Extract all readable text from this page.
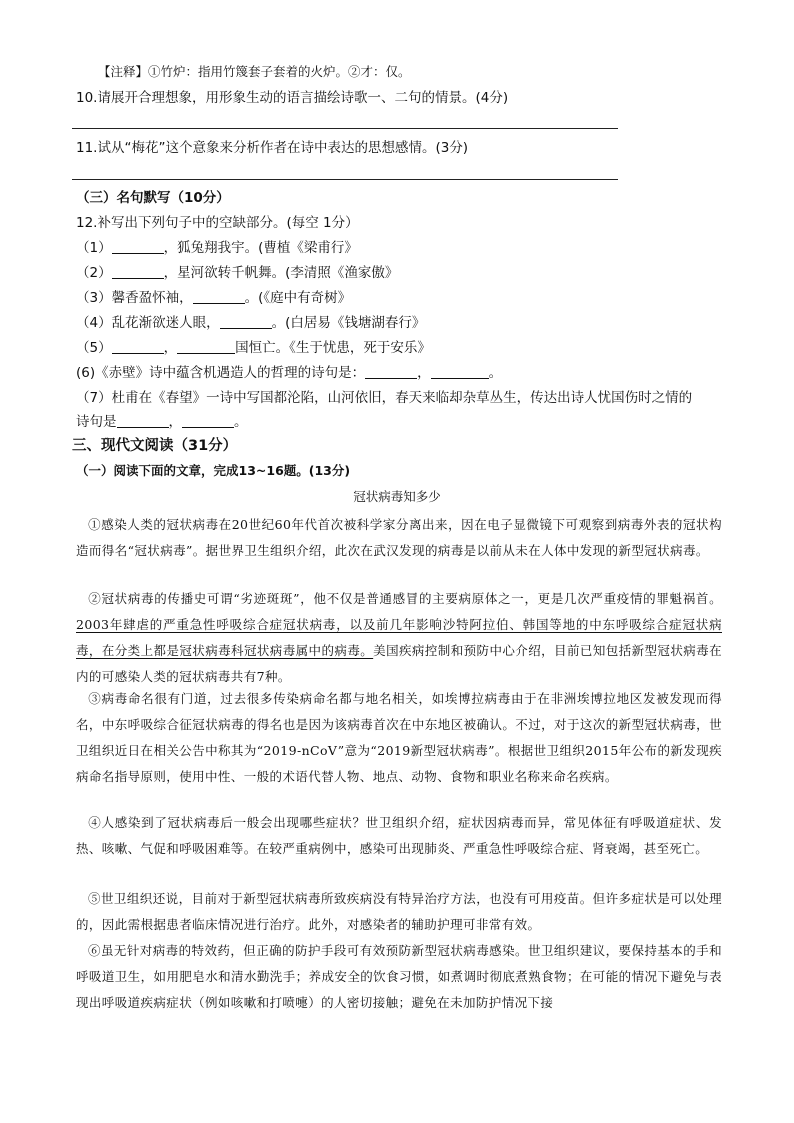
【注释】①竹炉：指用竹篾套子套着的火炉。②才：仅。
10.请展开合理想象，用形象生动的语言描绘诗歌一、二句的情景。(4分)
11.试从“梅花”这个意象来分析作者在诗中表达的思想感情。(3分)
（三）名句默写（10分）
12.补写出下列句子中的空缺部分。(每空 1分）
（1）	，狐兔翔我宇。(曹植《梁甫行》
（2）	，星河欲转千帆舞。(李清照《渔家傲》
（3）馨香盈怀袖，	。(《庭中有奇树》
（4）乱花渐欲迷人眼，	。(白居易《钱塘湖春行》
（5）	，	国恒亡。《生于忧患，死于安乐》
(6)《赤壁》诗中蕴含机遇造人的哲理的诗句是：	，	。
（7）杜甫在《春望》一诗中写国都沦陷，山河依旧，春天来临却杂草丛生，传达出诗人忧国伤时之情的
诗句是	，	。
三、现代文阅读（31分）
（一）阅读下面的文章，完成13~16题。(13分)
冠状病毒知多少
①感染人类的冠状病毒在20世纪60年代首次被科学家分离出来，因在电子显微镜下可观察到病毒外表的冠状构造而得名“冠状病毒”。据世界卫生组织介绍，此次在武汉发现的病毒是以前从未在人体中发现的新型冠状病毒。
②冠状病毒的传播史可谓“劣迹斑斑”，他不仅是普通感冒的主要病原体之一，更是几次严重疫情的罪魁祸首。2003年肆虐的严重急性呼吸综合症冠状病毒，以及前几年影响沙特阿拉伯、韩国等地的中东呼吸综合症冠状病毒，在分类上都是冠状病毒科冠状病毒属中的病毒。美国疾病控制和预防中心介绍，目前已知包括新型冠状病毒在内的可感染人类的冠状病毒共有7种。
③病毒命名很有门道，过去很多传染病命名都与地名相关，如埃博拉病毒由于在非洲埃博拉地区发被发现而得名，中东呼吸综合征冠状病毒的得名也是因为该病毒首次在中东地区被确认。不过，对于这次的新型冠状病毒，世卫组织近日在相关公告中称其为“2019-nCoV”意为“2019新型冠状病毒”。根据世卫组织2015年公布的新发现疾病命名指导原则，使用中性、一般的术语代替人物、地点、动物、食物和职业名称来命名疾病。
④人感染到了冠状病毒后一般会出现哪些症状？世卫组织介绍，症状因病毒而异，常见体征有呼吸道症状、发热、咳嗽、气促和呼吸困难等。在较严重病例中，感染可出现肺炎、严重急性呼吸综合症、肾衰竭，甚至死亡。
⑤世卫组织还说，目前对于新型冠状病毒所致疾病没有特异治疗方法，也没有可用疫苗。但许多症状是可以处理的，因此需根据患者临床情况进行治疗。此外，对感染者的辅助护理可非常有效。
⑥虽无针对病毒的特效药，但正确的防护手段可有效预防新型冠状病毒感染。世卫组织建议，要保持基本的手和呼吸道卫生，如用肥皂水和清水勤洗手；养成安全的饮食习惯，如煮调时彻底煮熟食物；在可能的情况下避免与表现出呼吸道疾病症状（例如咳嗽和打喷嚏）的人密切接触；避免在未加防护情况下接
